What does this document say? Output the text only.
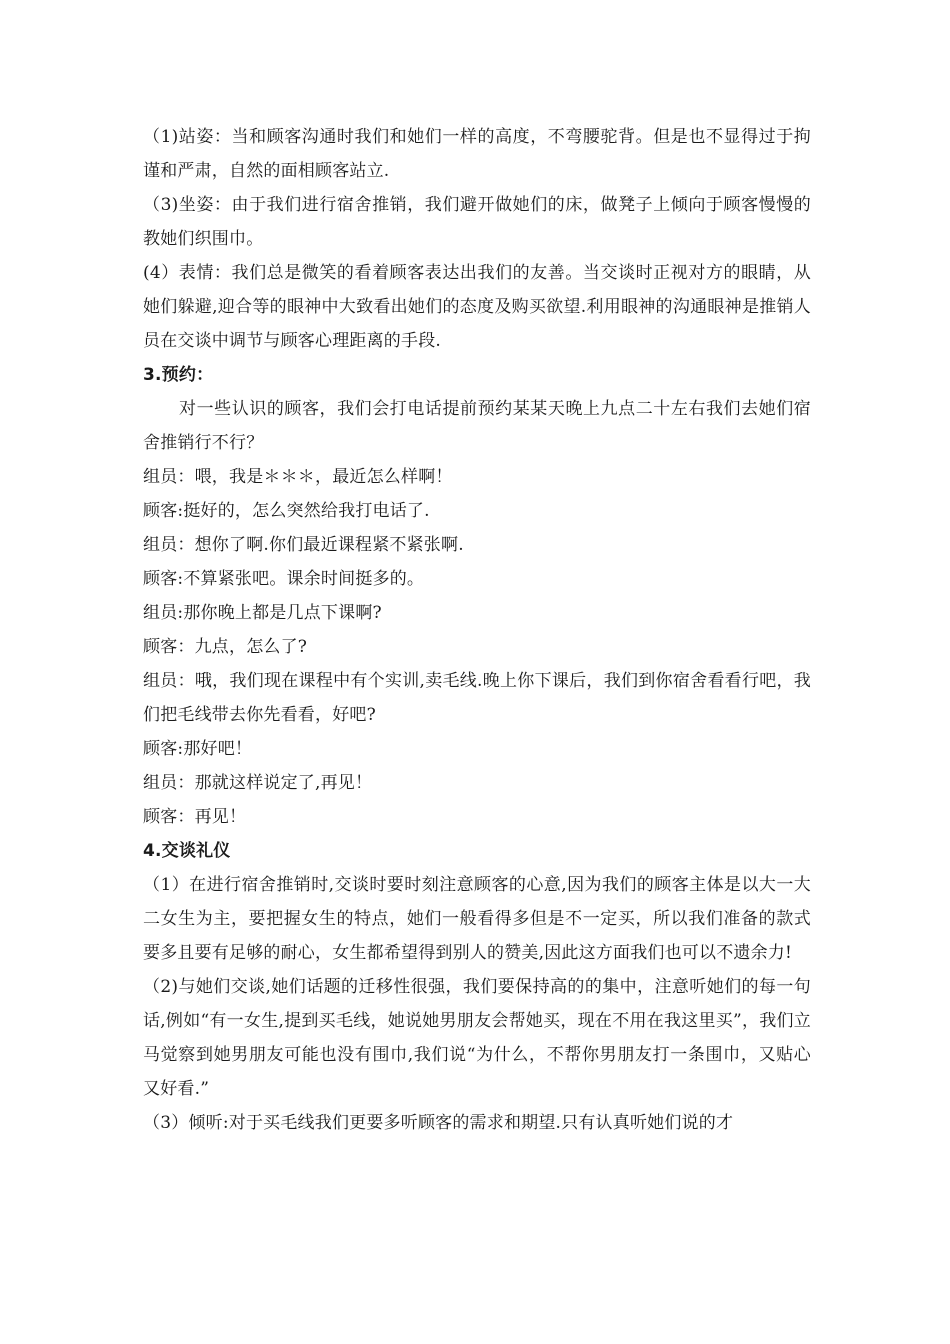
（1)站姿：当和顾客沟通时我们和她们一样的高度，不弯腰驼背。但是也不显得过于拘谨和严肃，自然的面相顾客站立.

（3)坐姿：由于我们进行宿舍推销，我们避开做她们的床，做凳子上倾向于顾客慢慢的教她们织围巾。

(4）表情：我们总是微笑的看着顾客表达出我们的友善。当交谈时正视对方的眼睛，从她们躲避,迎合等的眼神中大致看出她们的态度及购买欲望.利用眼神的沟通眼神是推销人员在交谈中调节与顾客心理距离的手段.

3.预约：

对一些认识的顾客，我们会打电话提前预约某某天晚上九点二十左右我们去她们宿舍推销行不行？

组员：喂，我是＊＊＊，最近怎么样啊！

顾客:挺好的，怎么突然给我打电话了.

组员：想你了啊.你们最近课程紧不紧张啊.

顾客:不算紧张吧。课余时间挺多的。

组员:那你晚上都是几点下课啊?

顾客：九点，怎么了?

组员：哦，我们现在课程中有个实训,卖毛线.晚上你下课后，我们到你宿舍看看行吧，我们把毛线带去你先看看，好吧?

顾客:那好吧！

组员：那就这样说定了,再见！

顾客：再见！

4.交谈礼仪

（1）在进行宿舍推销时,交谈时要时刻注意顾客的心意,因为我们的顾客主体是以大一大二女生为主，要把握女生的特点，她们一般看得多但是不一定买，所以我们准备的款式要多且要有足够的耐心，女生都希望得到别人的赞美,因此这方面我们也可以不遗余力!

（2)与她们交谈,她们话题的迁移性很强，我们要保持高的的集中，注意听她们的每一句话,例如“有一女生,提到买毛线，她说她男朋友会帮她买，现在不用在我这里买”，我们立马觉察到她男朋友可能也没有围巾,我们说“为什么，不帮你男朋友打一条围巾，又贴心又好看.”

（3）倾听:对于买毛线我们更要多听顾客的需求和期望.只有认真听她们说的才
